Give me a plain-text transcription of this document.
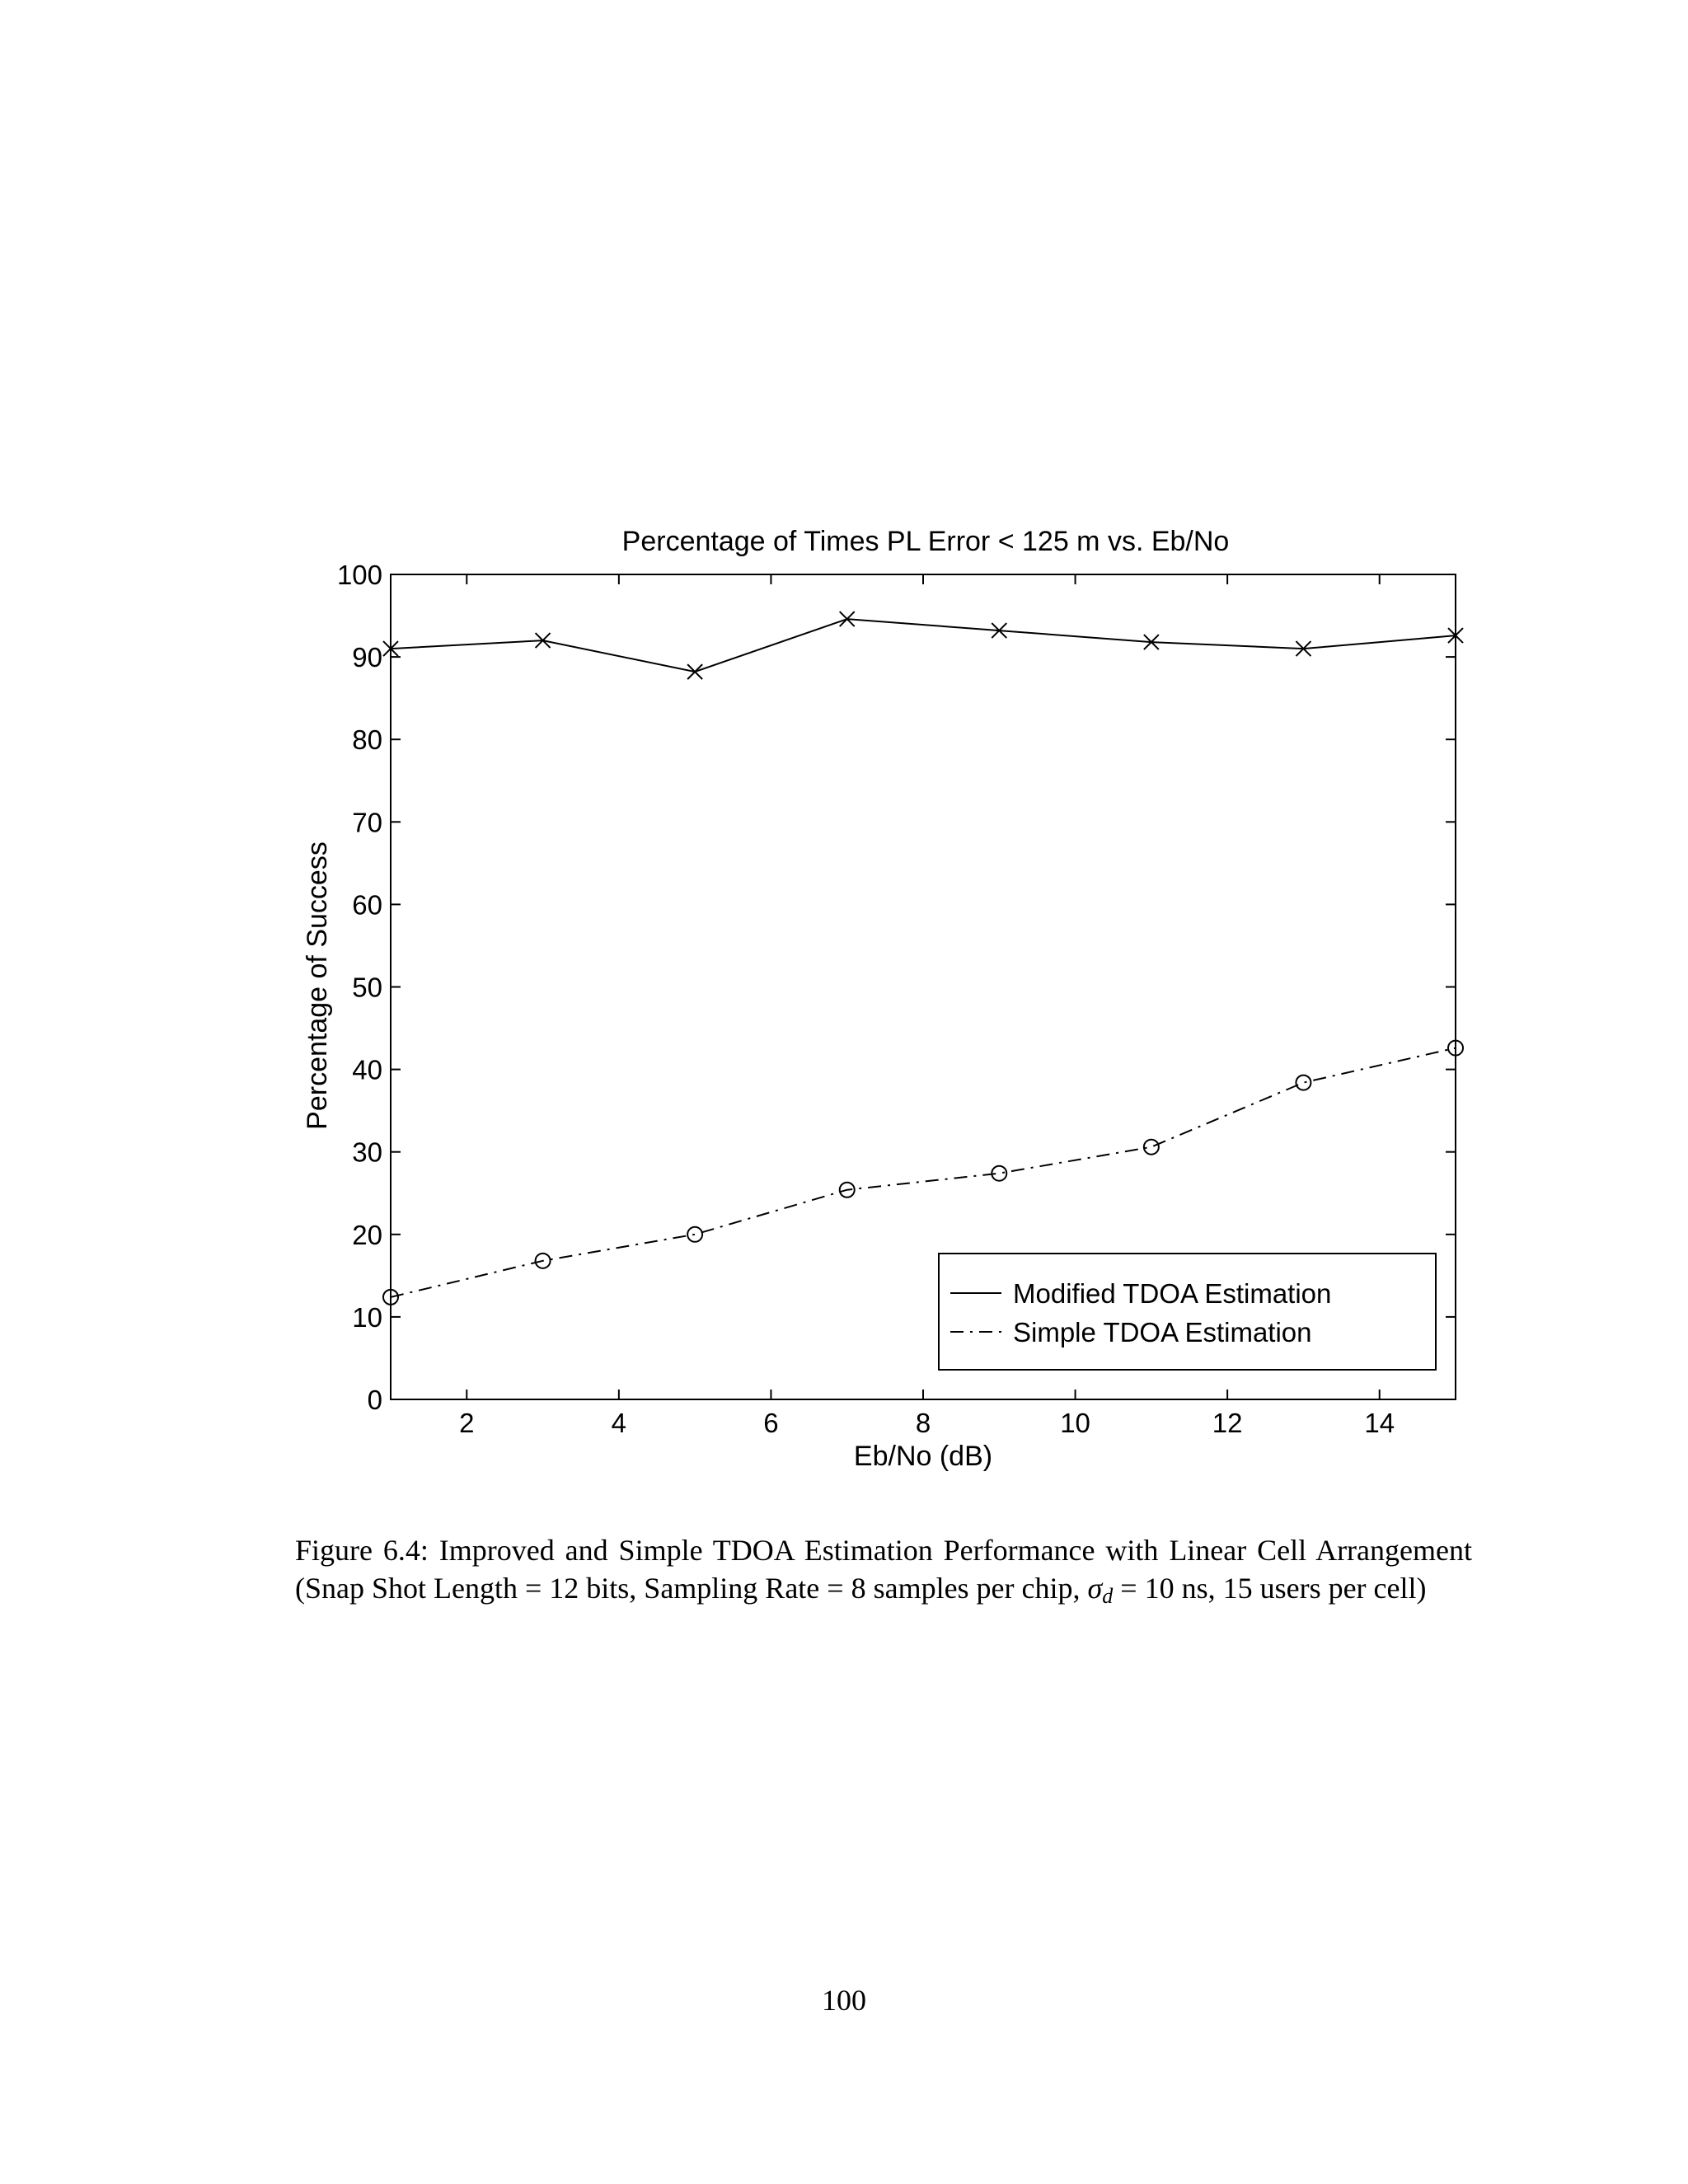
Percentage of Times PL Error < 125 m vs. Eb/No
Percentage of Success
Eb/No (dB)
0
10
20
30
40
50
60
70
80
90
100
2	4	6	8	10	12	14
Modified TDOA Estimation
Simple TDOA Estimation
Figure 6.4: Improved and Simple TDOA Estimation Performance with Linear Cell Arrangement (Snap Shot Length = 12 bits, Sampling Rate = 8 samples per chip, $\sigma_d = 10$ ns, 15 users per cell)
100
